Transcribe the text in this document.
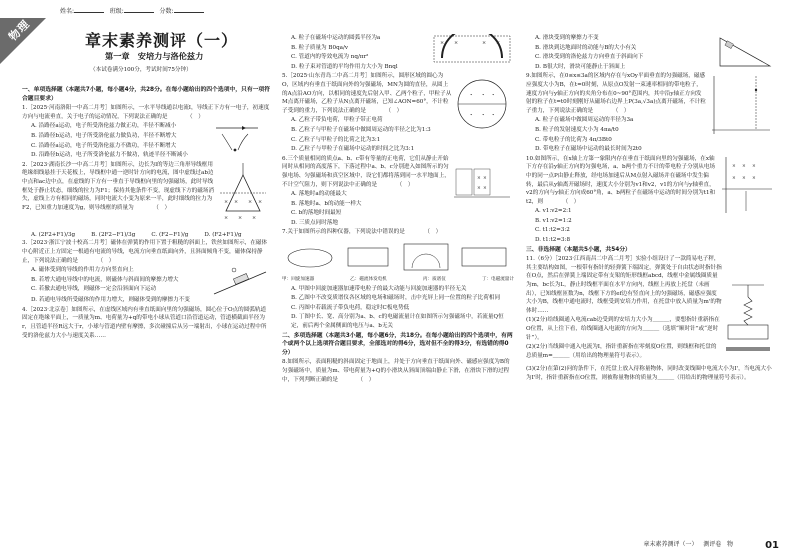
物理
姓名:	班级:	分数:
章末素养测评（一）
第一章　安培力与洛伦兹力
（本试卷满分100分，考试时间75分钟）

一、单项选择题（本题共7小题，每小题4分，共28分。在每小题给出的四个选项中，只有一项符合题目要求）

1.［2025·河南洛阳一中高二月考］如图所示，一水平导线通以电流I，导线正下方有一电子，初速度方向与电流垂直，关于电子的运动情况，下列说法正确的是　　　　（　）

A. 沿路径a运动，电子所受洛伦兹力做正功，半径不断减小

B. 沿路径b运动，电子所受洛伦兹力做负功，半径不断增大

C. 沿路径a运动，电子所受洛伦兹力不做功，半径不断增大

D. 沿路径b运动，电子所受洛伦兹力不做功，轨迹半径不断减小

2.［2023·湖南长沙一中高二月考］如图所示，边长为l的等边三角形导线框用绝缘细线悬挂于天花板上，导线框中通一逆时针方向的电流，图中虚线过ab边中点和ac边中点，在虚线的下方有一垂直于导线框向里的匀强磁场，此时导线框处于静止状态，细线的拉力为F1；保持其他条件不变，现虚线下方的磁场消失，虚线上方有相同的磁场，同时电流大小变为原来一半，此时细线的拉力为F2，已知重力加速度为g，则导线框的质量为　　　　（　）

× × × ×
× × ×
A. (2F2+F1)/3g	B. (2F2−F1)/3g	C. (F2−F1)/g	D. (F2+F1)/g

3.［2023·浙江宁波十校高二月考］磁体在弹簧的作用下置于粗糙的斜面上，铁丝如图所示，在磁体中心附近正上方固定一根通有电流的导线，电流方向垂直纸面向外，且斜面倾角不变，磁体保持静止，下列说法正确的是　　　　（　）

A. 磁体受到的导线的作用力方向竖直向上

B. 若增大通电导线中的电流，则磁体与斜面间的摩擦力增大

C. 若撤去通电导线，则磁体一定会沿斜面向下运动

D. 若通电导线所受磁体的作用力增大，则磁体受到的摩擦力不变

4.［2023·北京卷］如图所示，在虚线区域内有垂直纸面向里的匀强磁场，圆心位于O点的圆弧轨道固定在绝缘平面上，一质量为m、电荷量为+q的带电小球从管道口沿管道运动，管道横截面半径为r，且管道半径R远大于r，小球与管道内壁有摩擦，多次碰撞后从另一端射出，小球在运动过程中所受的洛伦兹力大小与速度关系……

A. 粒子在磁场中运动的圆弧半径为a

B. 粒子质量为 B0qa/v

C. 管道内的等效电流为 nq/πr²

D. 粒子束对管道的平均作用力大小为 Bnql

× ×	× ×

5.［2025·山东青岛二中高二月考］如图所示，圆形区域的圆心为O，区域内有垂直于纸面向外的匀强磁场，MN为圆的直径，从圆上的A点沿AO方向，以相同的速度先后射入甲、乙两个粒子，甲粒子从M点离开磁场，乙粒子从N点离开磁场，已知∠AON=60°，不计粒子受到的重力，下列说法正确的是　　　　（　）

A. 乙粒子带负电荷，甲粒子带正电荷

B. 乙粒子与甲粒子在磁场中做圆周运动的半径之比为1:3

C. 乙粒子与甲粒子的比荷之比为3:1

D. 乙粒子与甲粒子在磁场中运动的时间之比为3:1

• • •
• • •

6.三个质量相同的质点a、b、c带有等量的正电荷，它们从静止开始同时从相同的高度落下，下落过程中a、b、c分别进入如图所示的匀强电场、匀强磁场和真空区域中，设它们都将落到同一水平地面上，不计空气阻力，则下列说法中正确的是　　　　（　）

A. 落地时a的动能最大

B. 落地时a、b的动能一样大

C. b的落地时间最短

D. 三质点同时落地

× ×
× ×

7.关于如图所示的四种仪器，下列说法中错误的是　　　　（　）

甲：回旋加速器	乙：磁流体发电机	丙：质谱仪	丁：电磁流量计

A. 甲图中回旋加速器加速带电粒子的最大动能与回旋加速器的半径无关

B. 乙图中不改变质谱仪各区域的电场和磁场时，击中光屏上同一位置的粒子比荷相同

C. 丙图中若载流子带负电荷，稳定时C板电势低

D. 丁图中长、宽、高分别为a、b、c的电磁流量计在如图所示匀强磁场中，若流量Q恒定，前后两个金属侧面的电压与a、b无关

二、多项选择题（本题共3小题，每小题6分，共18分。在每小题给出的四个选项中，有两个或两个以上选项符合题目要求，全部选对的得6分，选对但不全的得3分，有选错的得0分）

8.如图所示，表面粗糙的斜面固定于地面上，并处于方向垂直于纸面向外、磁感应强度为B的匀强磁场中，质量为m、带电荷量为+Q的小滑块从斜面顶端由静止下滑，在滑块下滑的过程中，下列判断正确的是　　　　（　）

A. 滑块受到的摩擦力不变

B. 滑块到达地面时的动能与B的大小有关

C. 滑块受到的洛伦兹力方向垂直于斜面向下

D. B很大时，滑块可能静止于斜面上

9.如图所示，在0≤x≤3a的区域内存在与xOy平面垂直的匀强磁场，磁感应强度大小为B，在t=0时刻，从原点O发射一束速率相同的带电粒子，速度方向与y轴正方向的夹角分布在0~90°范围内，其中沿y轴正方向发射的粒子在t=t0时刻刚好从磁场右边界上P(3a,√3a)点离开磁场，不计粒子重力，下列说法正确的是　　　　（　）

A. 粒子在磁场中做圆周运动的半径为3a

B. 粒子的发射速度大小为 4πa/t0

C. 带电粒子的比荷为 4π/3Bt0

D. 带电粒子在磁场中运动的最长时间为2t0

10.如图所示，在x轴上方第一象限内存在垂直于纸面向里的匀强磁场，在x轴下方存在沿y轴正方向的匀强电场，a、b两个重力不计的带电粒子分别从电场中的同一点P由静止释放，经电场加速后从M点射入磁场并在磁场中发生偏转，最后从y轴离开磁场时，速度大小分别为v1和v2，v1的方向与y轴垂直，v2的方向与y轴正方向成60°角，a、b两粒子在磁场中运动的时间分别为t1和t2，则　　　　（　）

A. v1:v2=2:1

B. v1:v2=1:2

C. t1:t2=3:2

D. t1:t2=3:8

× × ×
× × ×

三、非选择题（本题共5小题，共54分）

11.（6分）［2023·江西南昌二中高二月考］实验小组设计了一款简易电子秤，其主要结构如图，一根带有指针的轻弹簧下端固定，弹簧处于自由状态时指针指在O点，然后在弹簧上端固定带有支架的矩形线框abcd，线框中金属线圈质量为m，bc长为L，静止时线框平面在水平方向内，线框上再放上托盘（未画出），已知线框匝数为n，线框下方的ef边有竖直向上的匀强磁场，磁感应强度大小为B，线框中通电流时，线框受到安培力作用，在托盘中放入质量为m'的物体时……

(1)(2分)给线圈通入电流cab边受到的安培力大小为＿＿＿，要想指针重新指在O位置，从上往下看，给线圈通入电流的方向为＿＿＿（选填“顺时针”或“逆时针”）。

(2)(2分)当线圈中通入电流为I，指针重新指在零刻度O位置，则线框和托盘的总质量m=＿＿＿（用给出的物理量符号表示）。

(3)(2分)在第(2)问的条件下，在托盘上放入待称量物体，同时改变线圈中电流大小为I'，当电流大小为I'时，指针重新指在O位置，则被称量物体的质量为＿＿＿（用给出的物理量符号表示）。

章末素养测评（一） 测评卷 物	01
